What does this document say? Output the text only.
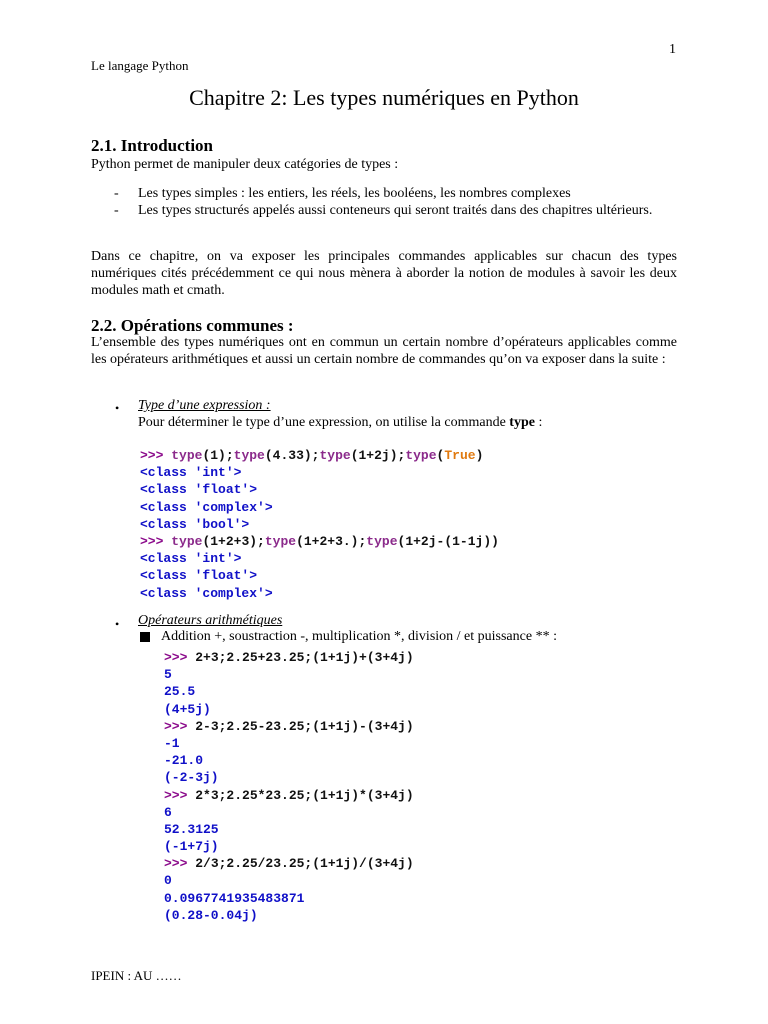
1
Le langage Python
Chapitre 2: Les types numériques en Python
2.1. Introduction
Python permet de manipuler deux catégories de types :
- Les types simples : les entiers, les réels, les booléens, les nombres complexes
- Les types structurés appelés aussi conteneurs qui seront traités dans des chapitres ultérieurs.
Dans ce chapitre, on va exposer les principales commandes applicables sur chacun des types numériques cités précédemment ce qui nous mènera à aborder la notion de modules à savoir les deux modules math et cmath.
2.2. Opérations communes :
L’ensemble des types numériques ont en commun un certain nombre d’opérateurs applicables comme les opérateurs arithmétiques et aussi un certain nombre de commandes qu’on va exposer dans la suite :
• Type d’une expression :
Pour déterminer le type d’une expression, on utilise la commande type :
>>> type(1);type(4.33);type(1+2j);type(True)
<class 'int'>
<class 'float'>
<class 'complex'>
<class 'bool'>
>>> type(1+2+3);type(1+2+3.);type(1+2j-(1-1j))
<class 'int'>
<class 'float'>
<class 'complex'>
• Opérateurs arithmétiques
Addition +, soustraction -, multiplication *, division / et puissance ** :
>>> 2+3;2.25+23.25;(1+1j)+(3+4j)
5
25.5
(4+5j)
>>> 2-3;2.25-23.25;(1+1j)-(3+4j)
-1
-21.0
(-2-3j)
>>> 2*3;2.25*23.25;(1+1j)*(3+4j)
6
52.3125
(-1+7j)
>>> 2/3;2.25/23.25;(1+1j)/(3+4j)
0
0.0967741935483871
(0.28-0.04j)
IPEIN : AU ……
